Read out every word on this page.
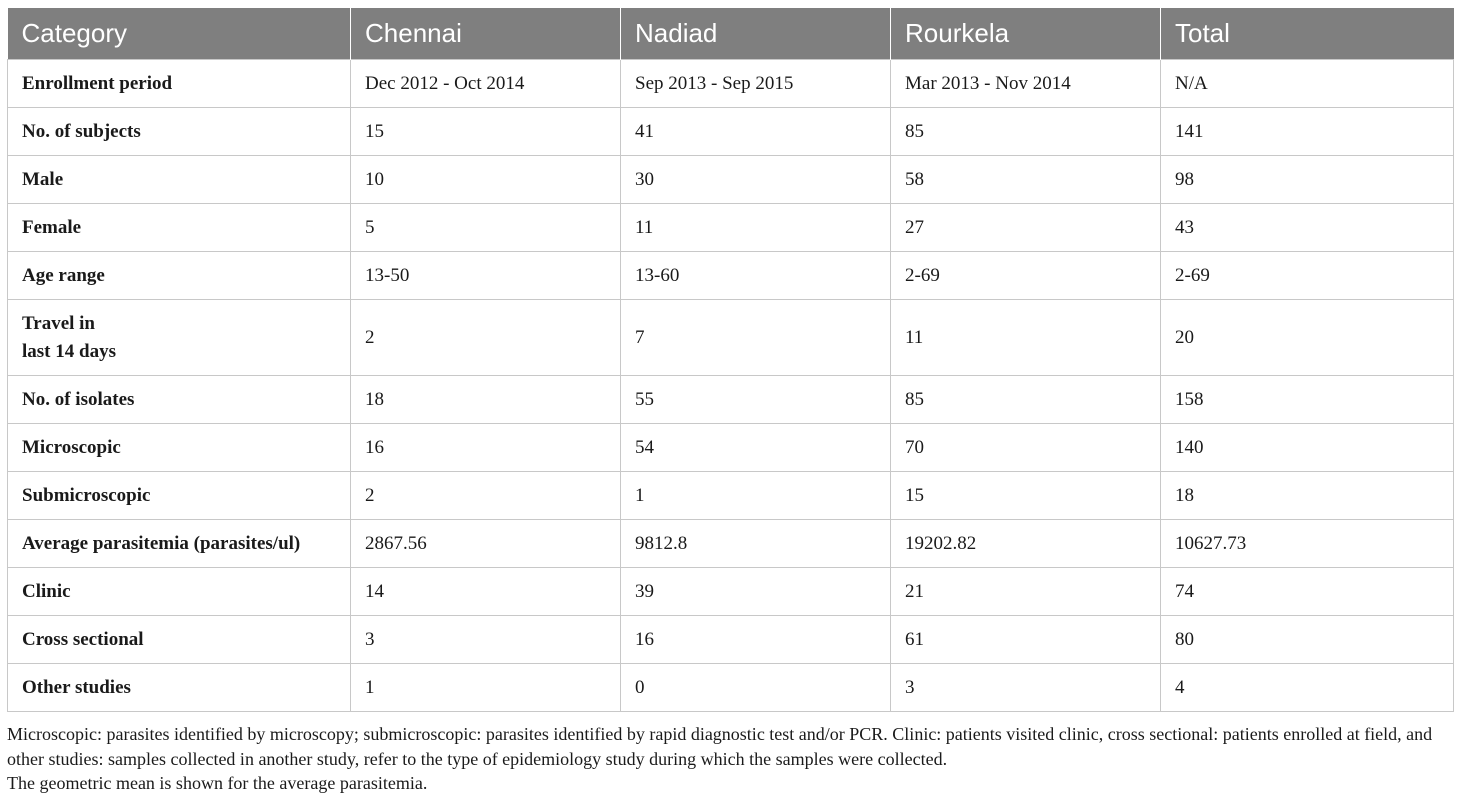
Category	Chennai	Nadiad	Rourkela	Total
Enrollment period	Dec 2012 - Oct 2014	Sep 2013 - Sep 2015	Mar 2013 - Nov 2014	N/A
No. of subjects	15	41	85	141
Male	10	30	58	98
Female	5	11	27	43
Age range	13-50	13-60	2-69	2-69
Travel in
last 14 days	2	7	11	20
No. of isolates	18	55	85	158
Microscopic	16	54	70	140
Submicroscopic	2	1	15	18
Average parasitemia (parasites/ul)	2867.56	9812.8	19202.82	10627.73
Clinic	14	39	21	74
Cross sectional	3	16	61	80
Other studies	1	0	3	4

Microscopic: parasites identified by microscopy; submicroscopic: parasites identified by rapid diagnostic test and/or PCR. Clinic: patients visited clinic, cross sectional: patients enrolled at field, and other studies: samples collected in another study, refer to the type of epidemiology study during which the samples were collected.

The geometric mean is shown for the average parasitemia.
